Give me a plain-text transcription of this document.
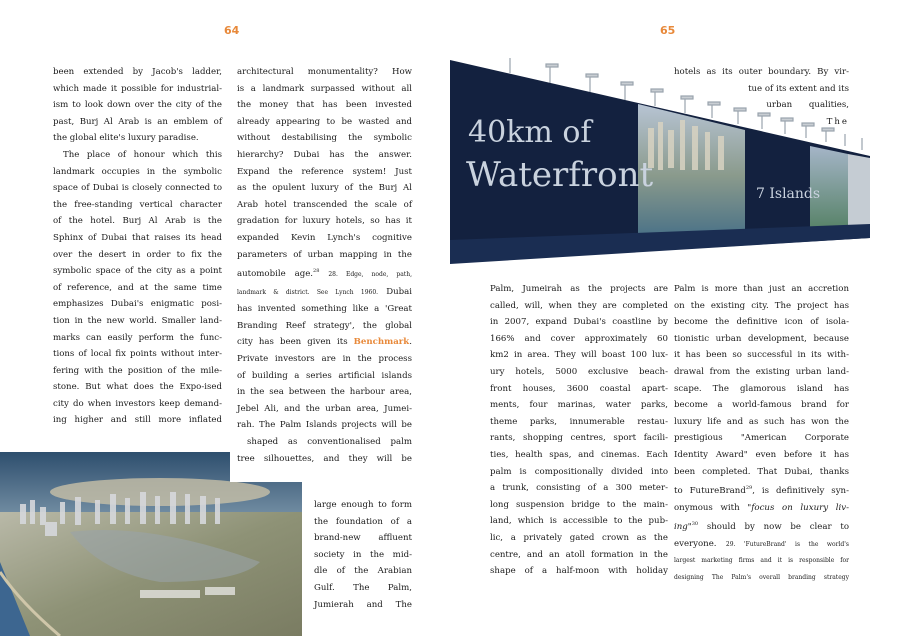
64	65
been extended by Jacob's ladder,
which made it possible for industrial-
ism to look down over the city of the
past, Burj Al Arab is an emblem of
the global elite's luxury paradise.
The place of honour which this
landmark occupies in the symbolic
space of Dubai is closely connected to
the free-standing vertical character
of the hotel. Burj Al Arab is the
Sphinx of Dubai that raises its head
over the desert in order to fix the
symbolic space of the city as a point
of reference, and at the same time
emphasizes Dubai's enigmatic posi-
tion in the new world. Smaller land-
marks can easily perform the func-
tions of local fix points without inter-
fering with the position of the mile-
stone. But what does the Expo-ised
city do when investors keep demand-
ing higher and still more inflated
architectural monumentality? How
is a landmark surpassed without all
the money that has been invested
already appearing to be wasted and
without destabilising the symbolic
hierarchy? Dubai has the answer.
Expand the reference system! Just
as the opulent luxury of the Burj Al
Arab hotel transcended the scale of
gradation for luxury hotels, so has it
expanded Kevin Lynch's cognitive
parameters of urban mapping in the
automobile age.$^{28}$ 28. Edge, node, path,
landmark & district. See Lynch 1960. Dubai
has invented something like a 'Great
Branding Reef strategy', the global
city has been given its Benchmark.
Private investors are in the process
of building a series artificial islands
in the sea between the harbour area,
Jebel Ali, and the urban area, Jumei-
rah. The Palm Islands projects will be
shaped as conventionalised palm
tree silhouettes, and they will be
large enough to form
the foundation of a
brand-new affluent
society in the mid-
dle of the Arabian
Gulf. The Palm,
Jumierah and The
40km of
Waterfront	7 Islands
hotels as its outer boundary. By vir-
tue of its extent and its
urban qualities,
The
Palm, Jumeirah as the projects are
called, will, when they are completed
in 2007, expand Dubai's coastline by
166% and cover approximately 60
km2 in area. They will boast 100 lux-
ury hotels, 5000 exclusive beach-
front houses, 3600 coastal apart-
ments, four marinas, water parks,
theme parks, innumerable restau-
rants, shopping centres, sport facili-
ties, health spas, and cinemas. Each
palm is compositionally divided into
a trunk, consisting of a 300 meter-
long suspension bridge to the main-
land, which is accessible to the pub-
lic, a privately gated crown as the
centre, and an atoll formation in the
shape of a half-moon with holiday
Palm is more than just an accretion
on the existing city. The project has
become the definitive icon of isola-
tionistic urban development, because
it has been so successful in its with-
drawal from the existing urban land-
scape. The glamorous island has
become a world-famous brand for
luxury life and as such has won the
prestigious "American Corporate
Identity Award" even before it has
been completed. That Dubai, thanks
to FutureBrand$^{29}$, is definitively syn-
onymous with "focus on luxury liv-
ing"$^{30}$ should by now be clear to
everyone. 29. 'FutureBrand' is the world's
largest marketing firms and it is responsible for
designing The Palm's overall branding strategy
